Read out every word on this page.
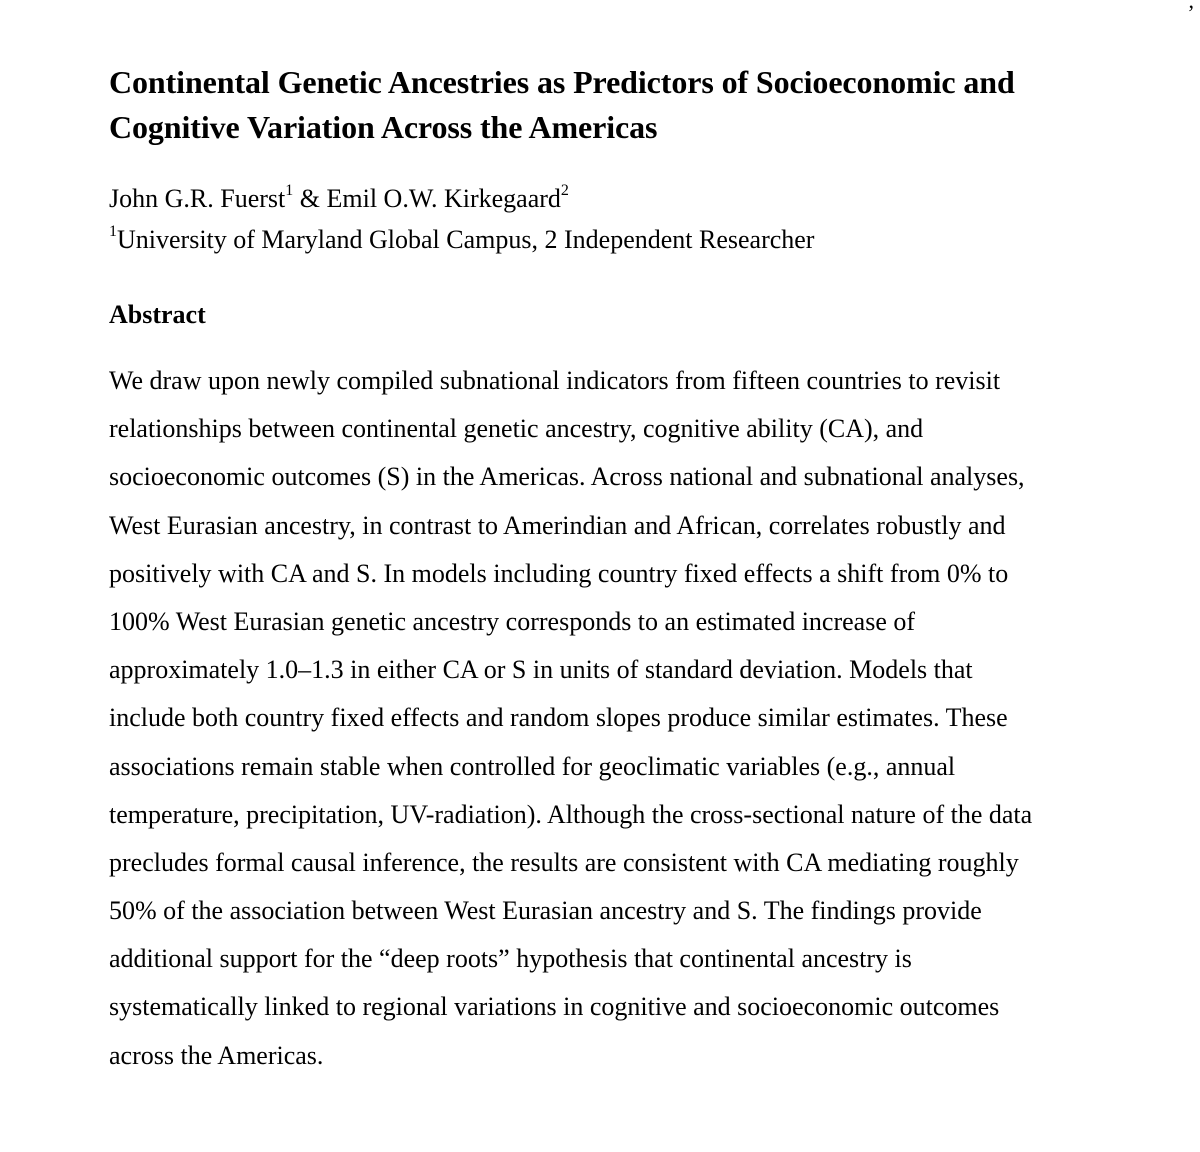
,
Continental Genetic Ancestries as Predictors of Socioeconomic and
Cognitive Variation Across the Americas
John G.R. Fuerst$^1$ & Emil O.W. Kirkegaard$^2$
$^1$University of Maryland Global Campus, 2 Independent Researcher
Abstract
We draw upon newly compiled subnational indicators from fifteen countries to revisit
relationships between continental genetic ancestry, cognitive ability (CA), and
socioeconomic outcomes (S) in the Americas. Across national and subnational analyses,
West Eurasian ancestry, in contrast to Amerindian and African, correlates robustly and
positively with CA and S. In models including country fixed effects a shift from 0% to
100% West Eurasian genetic ancestry corresponds to an estimated increase of
approximately 1.0–1.3 in either CA or S in units of standard deviation. Models that
include both country fixed effects and random slopes produce similar estimates. These
associations remain stable when controlled for geoclimatic variables (e.g., annual
temperature, precipitation, UV-radiation). Although the cross-sectional nature of the data
precludes formal causal inference, the results are consistent with CA mediating roughly
50% of the association between West Eurasian ancestry and S. The findings provide
additional support for the “deep roots” hypothesis that continental ancestry is
systematically linked to regional variations in cognitive and socioeconomic outcomes
across the Americas.
